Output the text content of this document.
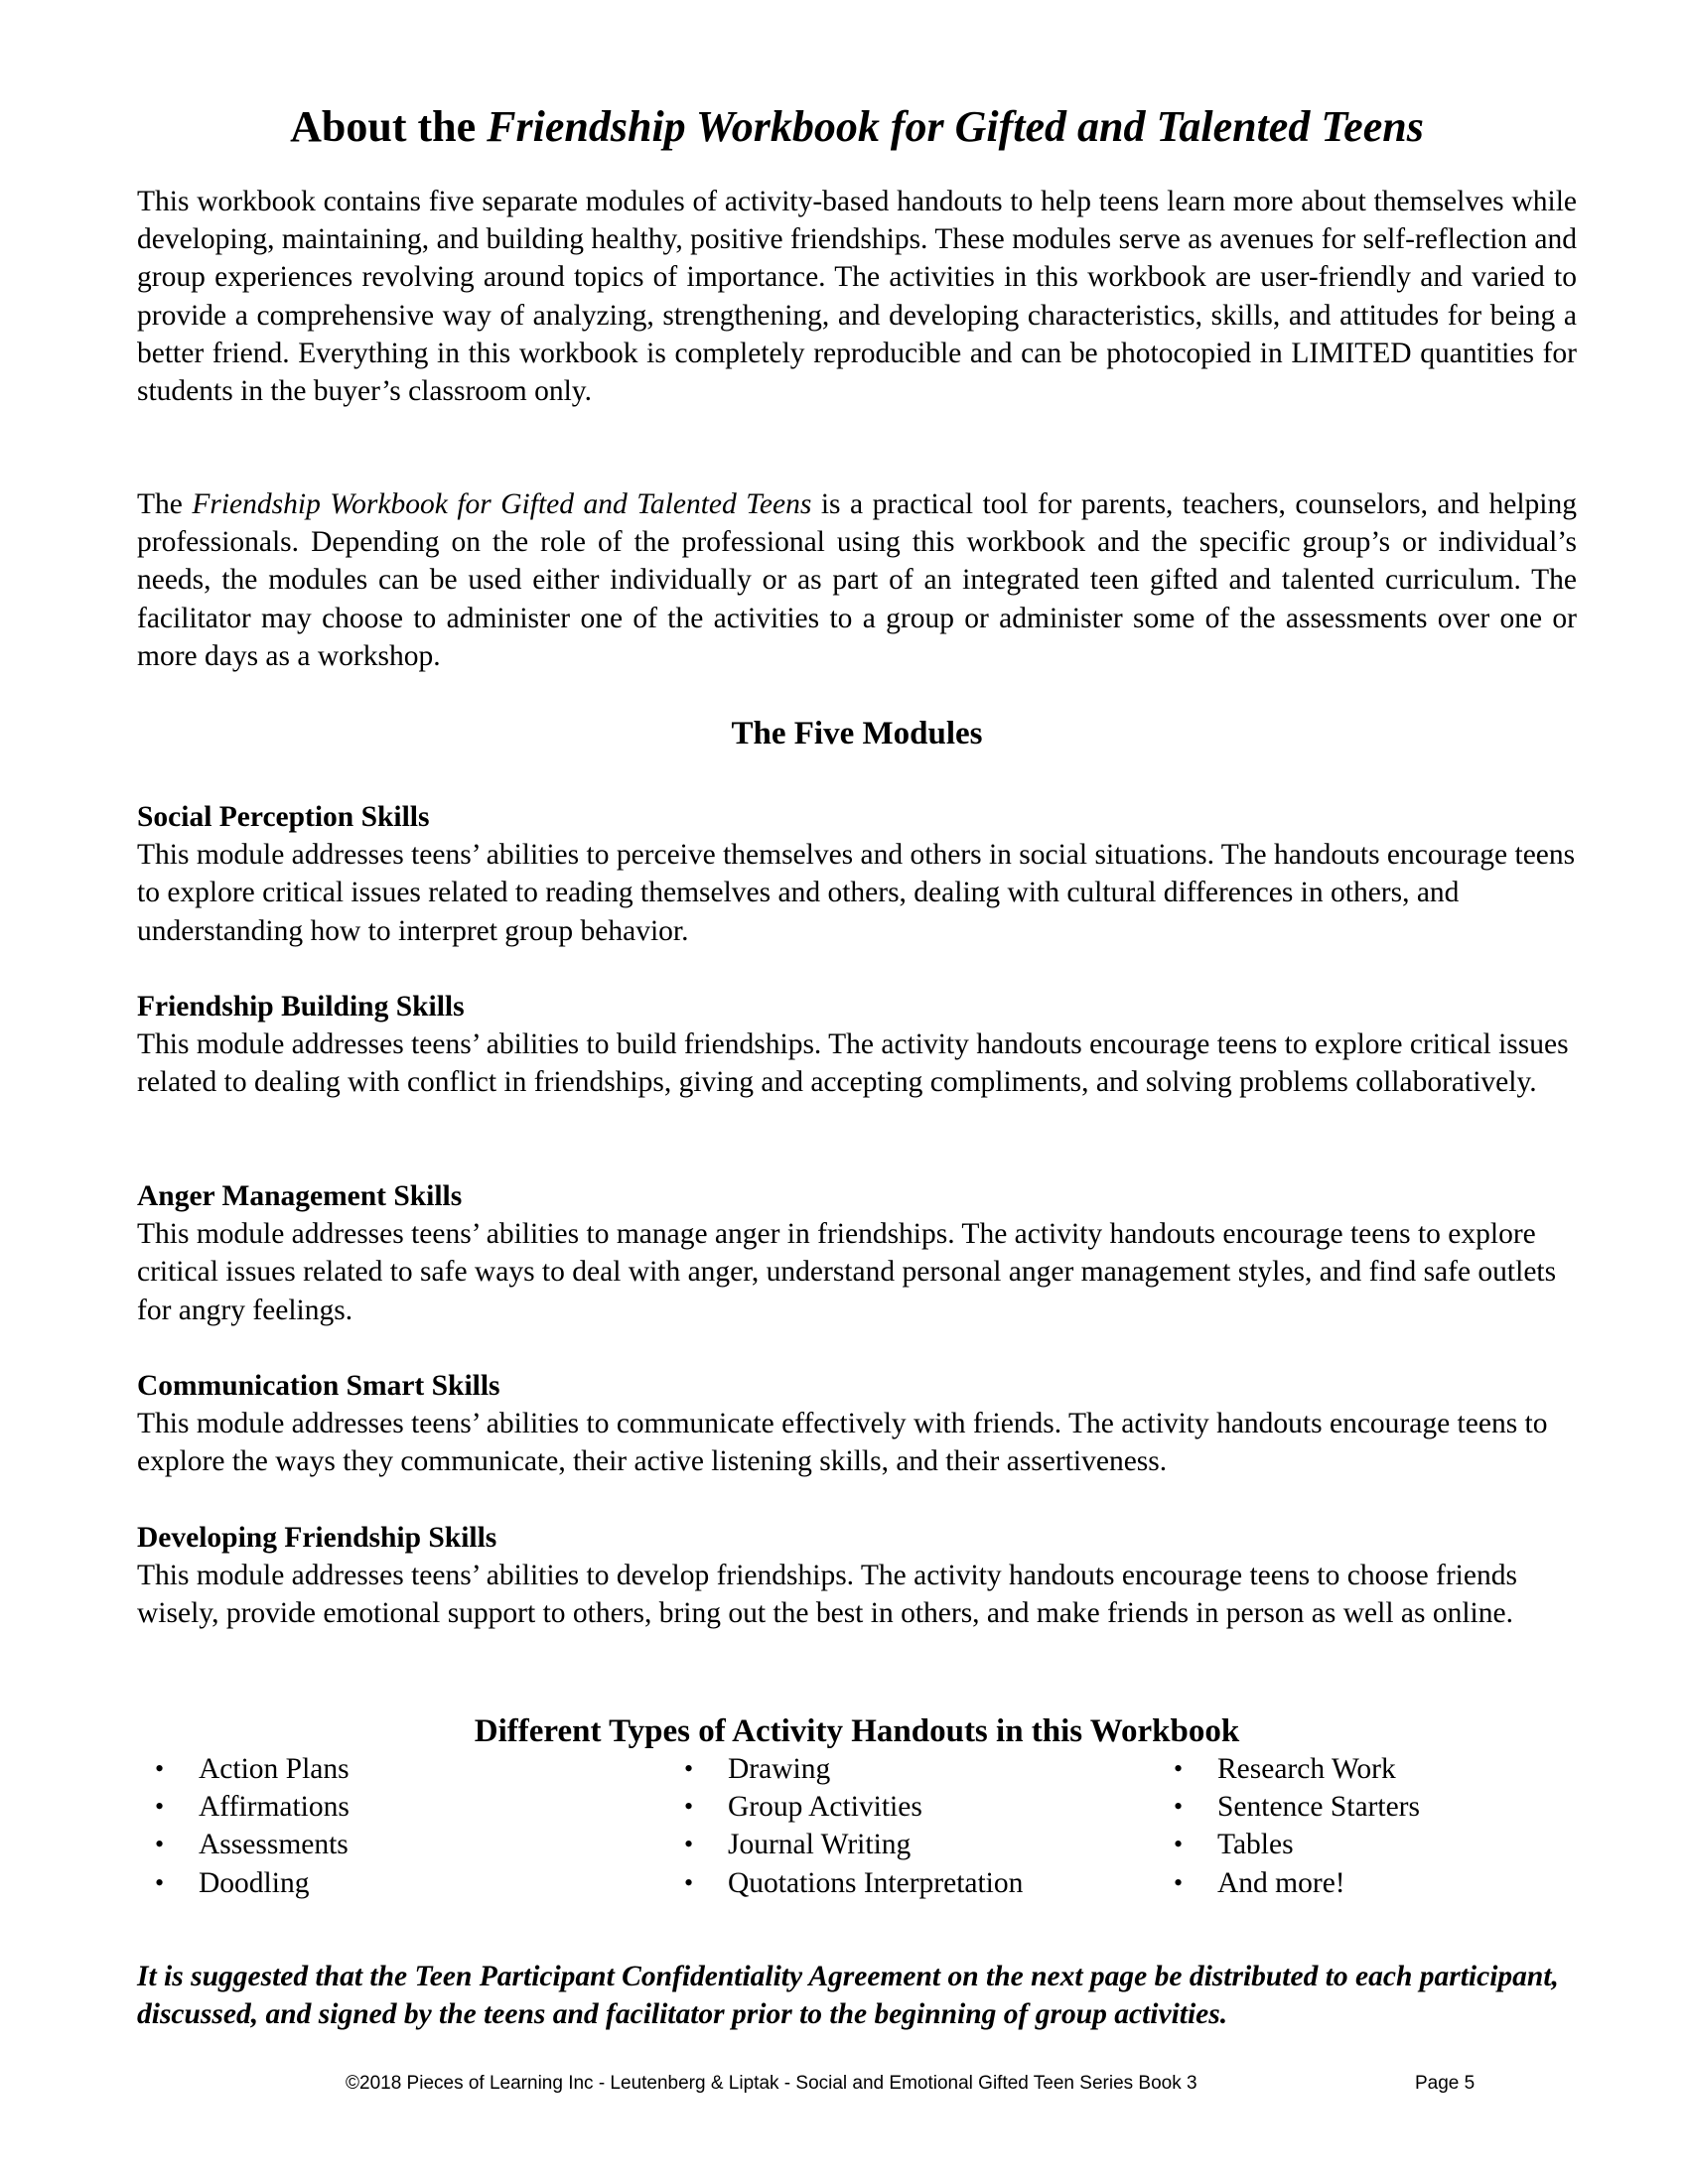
About the Friendship Workbook for Gifted and Talented Teens

This workbook contains five separate modules of activity-based handouts to help teens learn more about themselves while developing, maintaining, and building healthy, positive friendships. These modules serve as avenues for self-reflection and group experiences revolving around topics of importance. The activities in this workbook are user-friendly and varied to provide a comprehensive way of analyzing, strengthening, and developing characteristics, skills, and attitudes for being a better friend. Everything in this workbook is completely reproducible and can be photocopied in LIMITED quantities for students in the buyer’s classroom only.

The Friendship Workbook for Gifted and Talented Teens is a practical tool for parents, teachers, counselors, and helping professionals. Depending on the role of the professional using this workbook and the specific group’s or individual’s needs, the modules can be used either individually or as part of an integrated teen gifted and talented curriculum. The facilitator may choose to administer one of the activities to a group or administer some of the assessments over one or more days as a workshop.

The Five Modules

Social Perception Skills

This module addresses teens’ abilities to perceive themselves and others in social situations. The handouts encourage teens to explore critical issues related to reading themselves and others, dealing with cultural differences in others, and understanding how to interpret group behavior.

Friendship Building Skills

This module addresses teens’ abilities to build friendships. The activity handouts encourage teens to explore critical issues related to dealing with conflict in friendships, giving and accepting compliments, and solving problems collaboratively.

Anger Management Skills

This module addresses teens’ abilities to manage anger in friendships. The activity handouts encourage teens to explore critical issues related to safe ways to deal with anger, understand personal anger management styles, and find safe outlets for angry feelings.

Communication Smart Skills

This module addresses teens’ abilities to communicate effectively with friends. The activity handouts encourage teens to explore the ways they communicate, their active listening skills, and their assertiveness.

Developing Friendship Skills

This module addresses teens’ abilities to develop friendships. The activity handouts encourage teens to choose friends wisely, provide emotional support to others, bring out the best in others, and make friends in person as well as online.

Different Types of Activity Handouts in this Workbook
• Action Plans
• Affirmations
• Assessments
• Doodling
• Drawing
• Group Activities
• Journal Writing
• Quotations Interpretation
• Research Work
• Sentence Starters
• Tables
• And more!

It is suggested that the Teen Participant Confidentiality Agreement on the next page be distributed to each participant, discussed, and signed by the teens and facilitator prior to the beginning of group activities.

©2018 Pieces of Learning Inc - Leutenberg & Liptak - Social and Emotional Gifted Teen Series Book 3	Page 5
